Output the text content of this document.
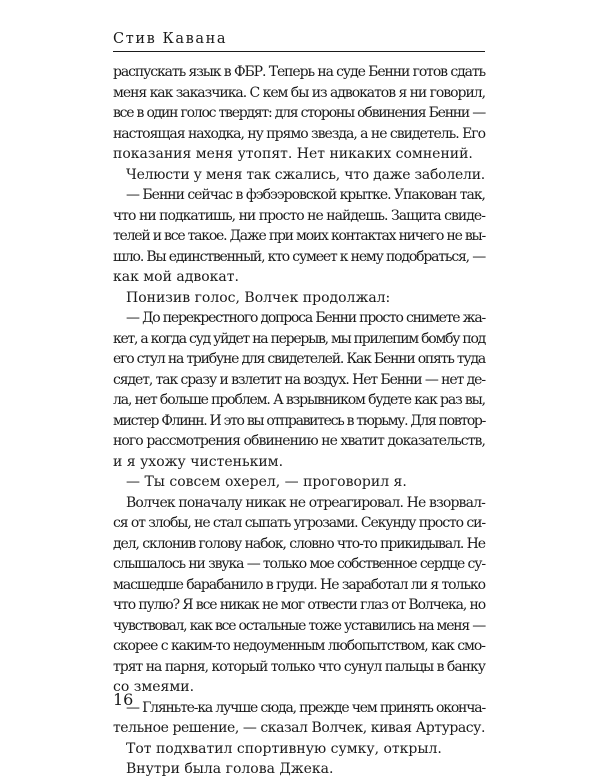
Стив Кавана
распускать язык в ФБР. Теперь на суде Бенни готов сдать
меня как заказчика. С кем бы из адвокатов я ни говорил,
все в один голос твердят: для стороны обвинения Бенни —
настоящая находка, ну прямо звезда, а не свидетель. Его
показания меня утопят. Нет никаких сомнений.
Челюсти у меня так сжались, что даже заболели.
— Бенни сейчас в фэбээровской крытке. Упакован так,
что ни подкатишь, ни просто не найдешь. Защита свиде-
телей и все такое. Даже при моих контактах ничего не вы-
шло. Вы единственный, кто сумеет к нему подобраться, —
как мой адвокат.
Понизив голос, Волчек продолжал:
— До перекрестного допроса Бенни просто снимете жа-
кет, а когда суд уйдет на перерыв, мы прилепим бомбу под
его стул на трибуне для свидетелей. Как Бенни опять туда
сядет, так сразу и взлетит на воздух. Нет Бенни — нет де-
ла, нет больше проблем. А взрывником будете как раз вы,
мистер Флинн. И это вы отправитесь в тюрьму. Для повтор-
ного рассмотрения обвинению не хватит доказательств,
и я ухожу чистеньким.
— Ты совсем охерел, — проговорил я.
Волчек поначалу никак не отреагировал. Не взорвал-
ся от злобы, не стал сыпать угрозами. Секунду просто си-
дел, склонив голову набок, словно что-то прикидывал. Не
слышалось ни звука — только мое собственное сердце су-
масшедше барабанило в груди. Не заработал ли я только
что пулю? Я все никак не мог отвести глаз от Волчека, но
чувствовал, как все остальные тоже уставились на меня —
скорее с каким-то недоуменным любопытством, как смо-
трят на парня, который только что сунул пальцы в банку
со змеями.
— Гляньте-ка лучше сюда, прежде чем принять оконча-
тельное решение, — сказал Волчек, кивая Артурасу.
Тот подхватил спортивную сумку, открыл.
Внутри была голова Джека.
16
